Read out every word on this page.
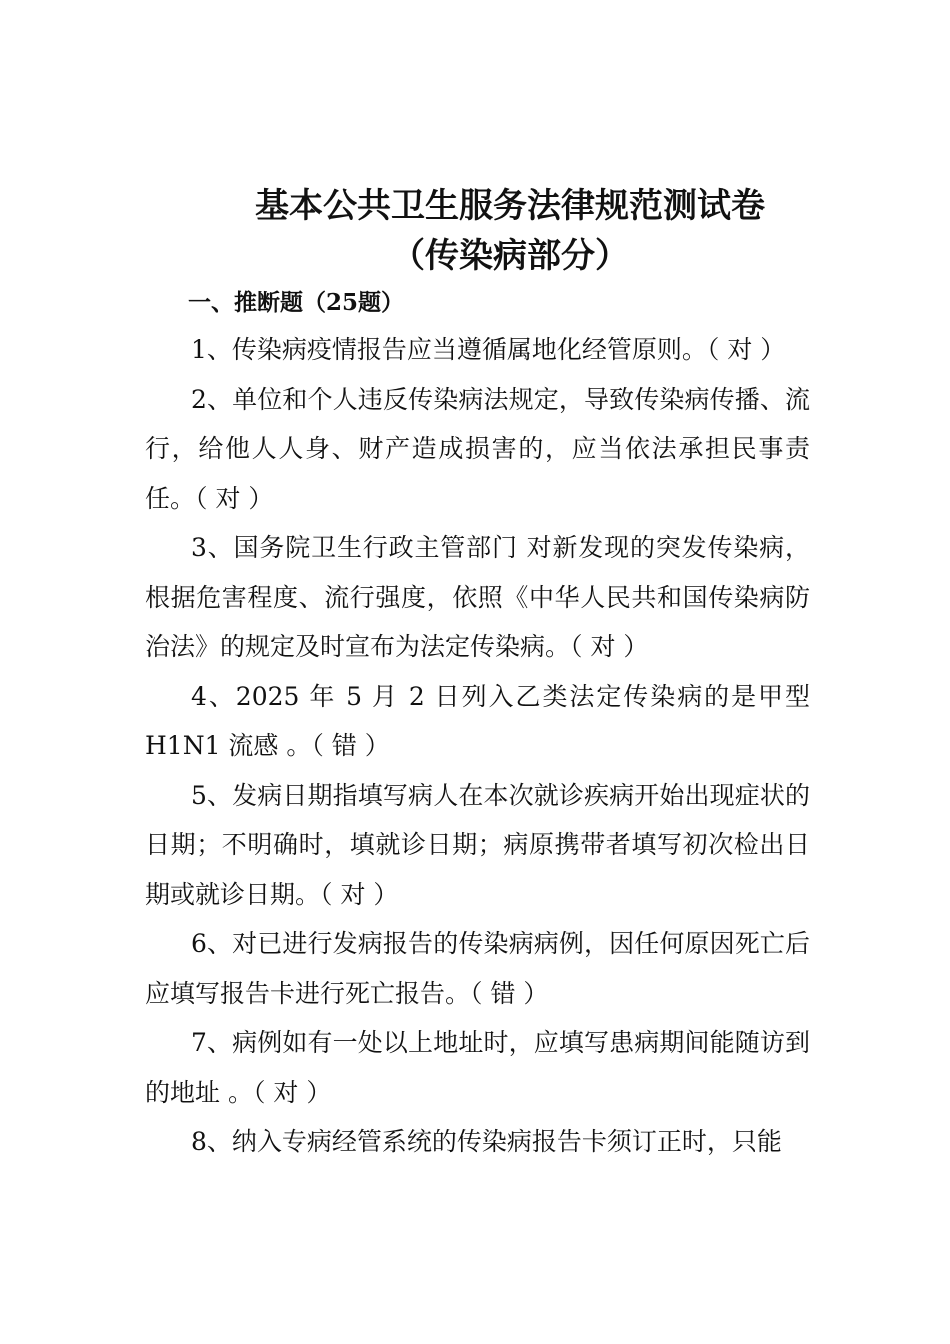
基本公共卫生服务法律规范测试卷
（传染病部分）
一、推断题（25题）

1、传染病疫情报告应当遵循属地化经管原则。（ 对 ）

2、单位和个人违反传染病法规定，导致传染病传播、流行，给他人人身、财产造成损害的，应当依法承担民事责任。（ 对 ）

3、国务院卫生行政主管部门 对新发现的突发传染病，根据危害程度、流行强度，依照《中华人民共和国传染病防治法》的规定及时宣布为法定传染病。（ 对 ）

4、2025 年 5 月 2 日列入乙类法定传染病的是甲型 H1N1 流感 。（ 错 ）

5、发病日期指填写病人在本次就诊疾病开始出现症状的日期；不明确时，填就诊日期；病原携带者填写初次检出日期或就诊日期。（ 对 ）

6、对已进行发病报告的传染病病例，因任何原因死亡后应填写报告卡进行死亡报告。（ 错 ）

7、病例如有一处以上地址时，应填写患病期间能随访到的地址 。（ 对 ）

8、纳入专病经管系统的传染病报告卡须订正时，只能
